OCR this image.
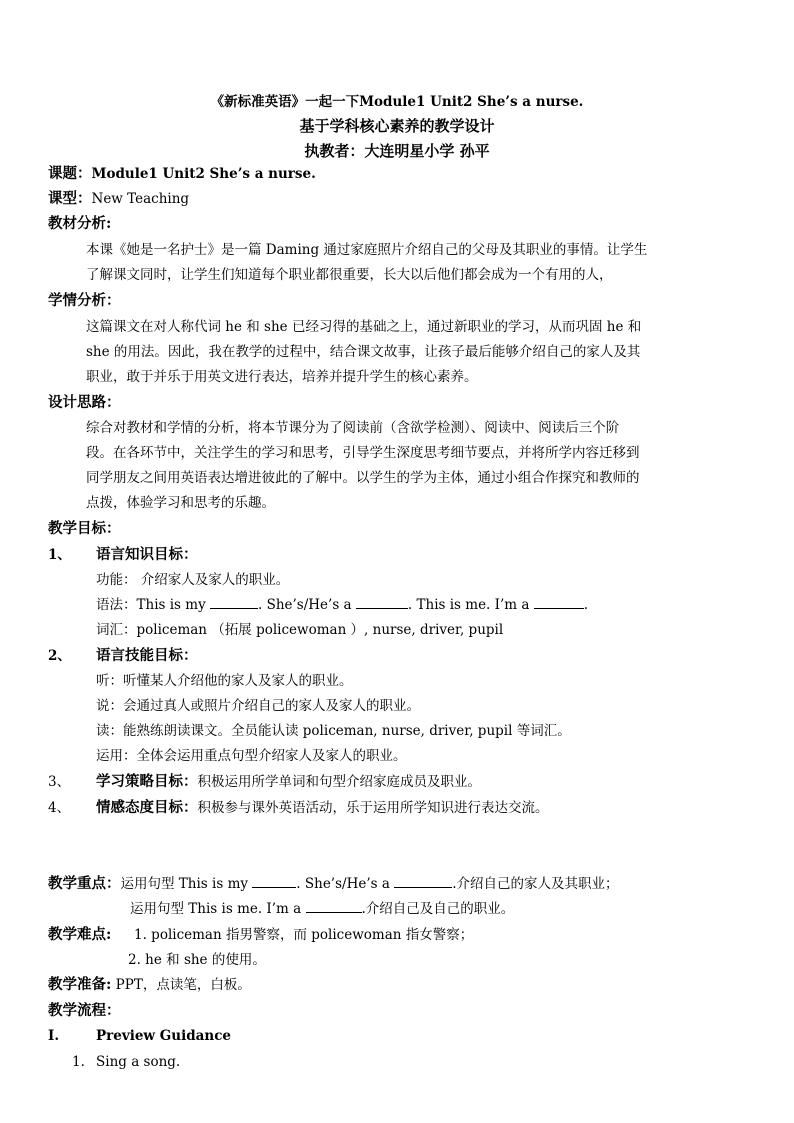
《新标准英语》一起一下Module1 Unit2 She’s a nurse.
基于学科核心素养的教学设计
执教者：大连明星小学 孙平
课题：Module1 Unit2 She’s a nurse.
课型：New Teaching
教材分析:
本课《她是一名护士》是一篇 Daming 通过家庭照片介绍自己的父母及其职业的事情。让学生
了解课文同时，让学生们知道每个职业都很重要，长大以后他们都会成为一个有用的人，
学情分析：
这篇课文在对人称代词 he 和 she 已经习得的基础之上，通过新职业的学习，从而巩固 he 和
she 的用法。因此，我在教学的过程中，结合课文故事，让孩子最后能够介绍自己的家人及其
职业，敢于并乐于用英文进行表达，培养并提升学生的核心素养。
设计思路：
综合对教材和学情的分析，将本节课分为了阅读前（含欲学检测）、阅读中、阅读后三个阶
段。在各环节中，关注学生的学习和思考，引导学生深度思考细节要点，并将所学内容迁移到
同学朋友之间用英语表达增进彼此的了解中。以学生的学为主体，通过小组合作探究和教师的
点拨，体验学习和思考的乐趣。
教学目标：
1、 语言知识目标：
功能： 介绍家人及家人的职业。
语法：This is my	. She’s/He’s a	. This is me. I’m a	.
词汇：policeman （拓展 policewoman ）, nurse, driver, pupil
2、 语言技能目标：
听：听懂某人介绍他的家人及家人的职业。
说：会通过真人或照片介绍自己的家人及家人的职业。
读：能熟练朗读课文。全员能认读 policeman, nurse, driver, pupil 等词汇。
运用：全体会运用重点句型介绍家人及家人的职业。
3、 学习策略目标：积极运用所学单词和句型介绍家庭成员及职业。
4、 情感态度目标：积极参与课外英语活动，乐于运用所学知识进行表达交流。
教学重点：运用句型 This is my	. She’s/He’s a	.介绍自己的家人及其职业；
运用句型 This is me. I’m a	.介绍自己及自己的职业。
教学难点: 1. policeman 指男警察，而 policewoman 指女警察；
2. he 和 she 的使用。
教学准备: PPT，点读笔，白板。
教学流程：
I.	Preview Guidance
1. Sing a song.
